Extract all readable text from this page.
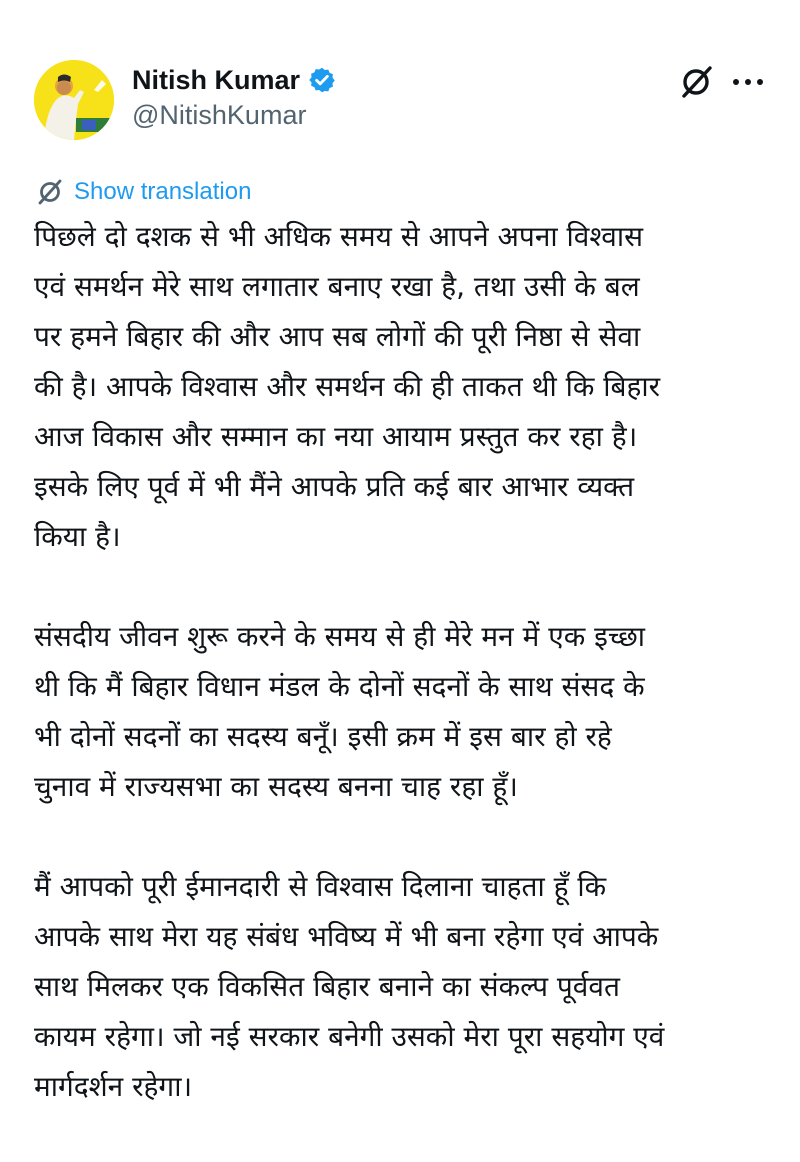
Nitish Kumar
@NitishKumar
Show translation

पिछले दो दशक से भी अधिक समय से आपने अपना विश्वास
एवं समर्थन मेरे साथ लगातार बनाए रखा है, तथा उसी के बल
पर हमने बिहार की और आप सब लोगों की पूरी निष्ठा से सेवा
की है। आपके विश्वास और समर्थन की ही ताकत थी कि बिहार
आज विकास और सम्मान का नया आयाम प्रस्तुत कर रहा है।
इसके लिए पूर्व में भी मैंने आपके प्रति कई बार आभार व्यक्त
किया है।

संसदीय जीवन शुरू करने के समय से ही मेरे मन में एक इच्छा
थी कि मैं बिहार विधान मंडल के दोनों सदनों के साथ संसद के
भी दोनों सदनों का सदस्य बनूँ। इसी क्रम में इस बार हो रहे
चुनाव में राज्यसभा का सदस्य बनना चाह रहा हूँ।

मैं आपको पूरी ईमानदारी से विश्वास दिलाना चाहता हूँ कि
आपके साथ मेरा यह संबंध भविष्य में भी बना रहेगा एवं आपके
साथ मिलकर एक विकसित बिहार बनाने का संकल्प पूर्ववत
कायम रहेगा। जो नई सरकार बनेगी उसको मेरा पूरा सहयोग एवं
मार्गदर्शन रहेगा।
